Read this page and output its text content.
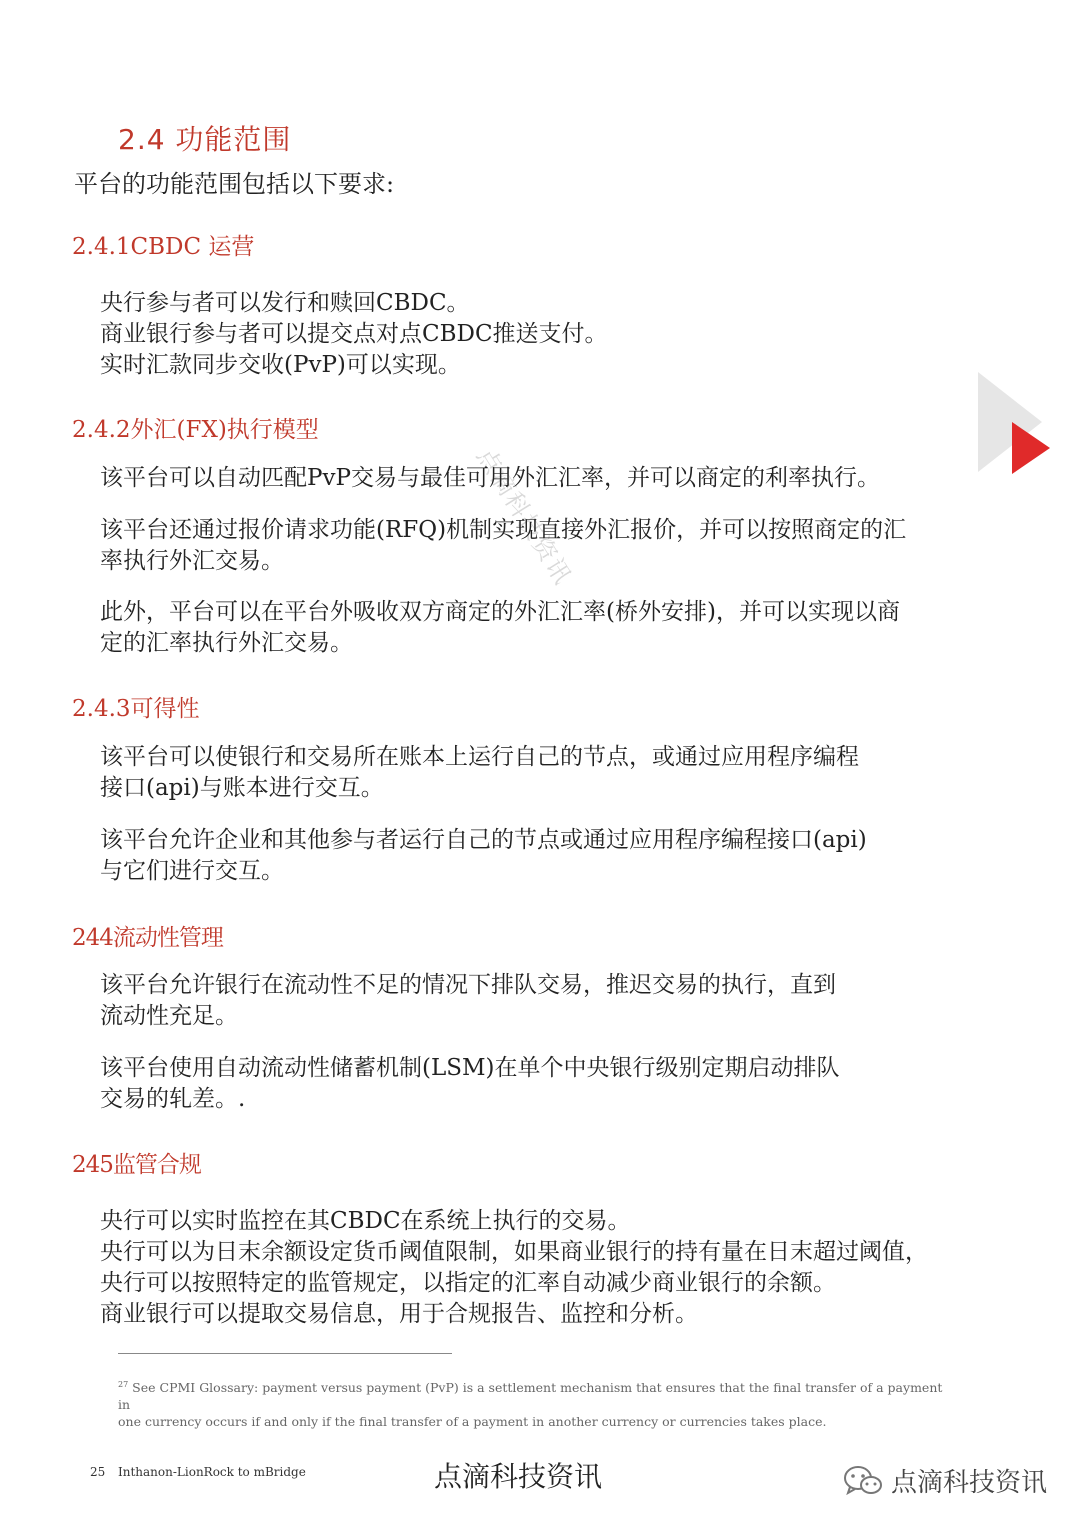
点滴科技资讯
2.4 功能范围
平台的功能范围包括以下要求:
2.4.1CBDC 运营
央行参与者可以发行和赎回CBDC。
商业银行参与者可以提交点对点CBDC推送支付。
实时汇款同步交收(PvP)可以实现。
2.4.2外汇(FX)执行模型
该平台可以自动匹配PvP交易与最佳可用外汇汇率，并可以商定的利率执行。
该平台还通过报价请求功能(RFQ)机制实现直接外汇报价，并可以按照商定的汇
率执行外汇交易。
此外，平台可以在平台外吸收双方商定的外汇汇率(桥外安排)，并可以实现以商
定的汇率执行外汇交易。
2.4.3可得性
该平台可以使银行和交易所在账本上运行自己的节点，或通过应用程序编程
接口(api)与账本进行交互。
该平台允许企业和其他参与者运行自己的节点或通过应用程序编程接口(api)
与它们进行交互。
244流动性管理
该平台允许银行在流动性不足的情况下排队交易，推迟交易的执行，直到
流动性充足。
该平台使用自动流动性储蓄机制(LSM)在单个中央银行级别定期启动排队
交易的轧差。.
245监管合规
央行可以实时监控在其CBDC在系统上执行的交易。
央行可以为日末余额设定货币阈值限制，如果商业银行的持有量在日末超过阈值，
央行可以按照特定的监管规定，以指定的汇率自动减少商业银行的余额。
商业银行可以提取交易信息，用于合规报告、监控和分析。
$^{27}$ See CPMI Glossary: payment versus payment (PvP) is a settlement mechanism that ensures that the final transfer of a payment in
one currency occurs if and only if the final transfer of a payment in another currency or currencies takes place.
25 Inthanon-LionRock to mBridge	点滴科技资讯	点滴科技资讯
